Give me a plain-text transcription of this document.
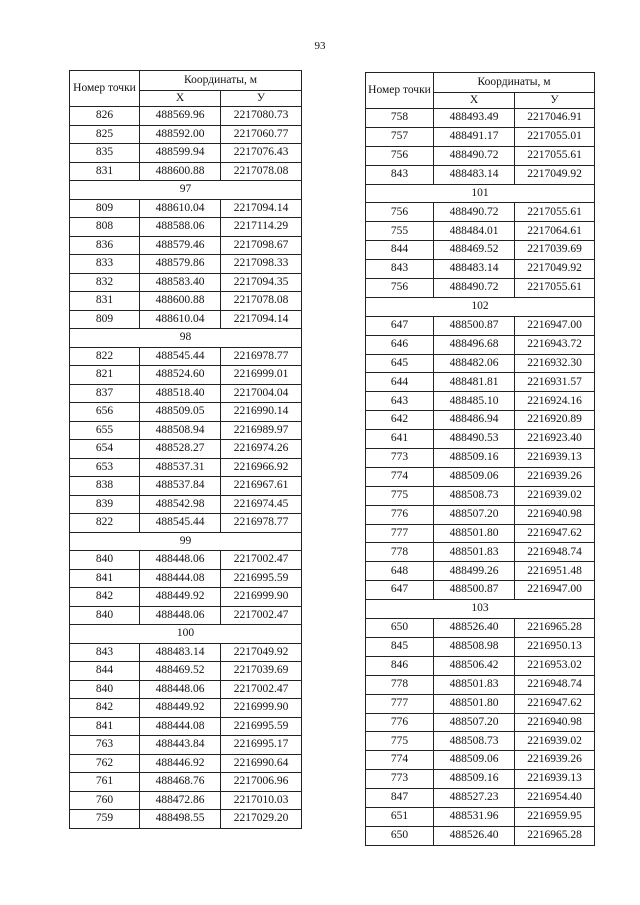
93
Номер точки	Координаты, м	
	X	У
826	488569.96	2217080.73
825	488592.00	2217060.77
835	488599.94	2217076.43
831	488600.88	2217078.08
97		
809	488610.04	2217094.14
808	488588.06	2217114.29
836	488579.46	2217098.67
833	488579.86	2217098.33
832	488583.40	2217094.35
831	488600.88	2217078.08
809	488610.04	2217094.14
98		
822	488545.44	2216978.77
821	488524.60	2216999.01
837	488518.40	2217004.04
656	488509.05	2216990.14
655	488508.94	2216989.97
654	488528.27	2216974.26
653	488537.31	2216966.92
838	488537.84	2216967.61
839	488542.98	2216974.45
822	488545.44	2216978.77
99		
840	488448.06	2217002.47
841	488444.08	2216995.59
842	488449.92	2216999.90
840	488448.06	2217002.47
100		
843	488483.14	2217049.92
844	488469.52	2217039.69
840	488448.06	2217002.47
842	488449.92	2216999.90
841	488444.08	2216995.59
763	488443.84	2216995.17
762	488446.92	2216990.64
761	488468.76	2217006.96
760	488472.86	2217010.03
759	488498.55	2217029.20
Номер точки	Координаты, м	
	X	У
758	488493.49	2217046.91
757	488491.17	2217055.01
756	488490.72	2217055.61
843	488483.14	2217049.92
101		
756	488490.72	2217055.61
755	488484.01	2217064.61
844	488469.52	2217039.69
843	488483.14	2217049.92
756	488490.72	2217055.61
102		
647	488500.87	2216947.00
646	488496.68	2216943.72
645	488482.06	2216932.30
644	488481.81	2216931.57
643	488485.10	2216924.16
642	488486.94	2216920.89
641	488490.53	2216923.40
773	488509.16	2216939.13
774	488509.06	2216939.26
775	488508.73	2216939.02
776	488507.20	2216940.98
777	488501.80	2216947.62
778	488501.83	2216948.74
648	488499.26	2216951.48
647	488500.87	2216947.00
103		
650	488526.40	2216965.28
845	488508.98	2216950.13
846	488506.42	2216953.02
778	488501.83	2216948.74
777	488501.80	2216947.62
776	488507.20	2216940.98
775	488508.73	2216939.02
774	488509.06	2216939.26
773	488509.16	2216939.13
847	488527.23	2216954.40
651	488531.96	2216959.95
650	488526.40	2216965.28
